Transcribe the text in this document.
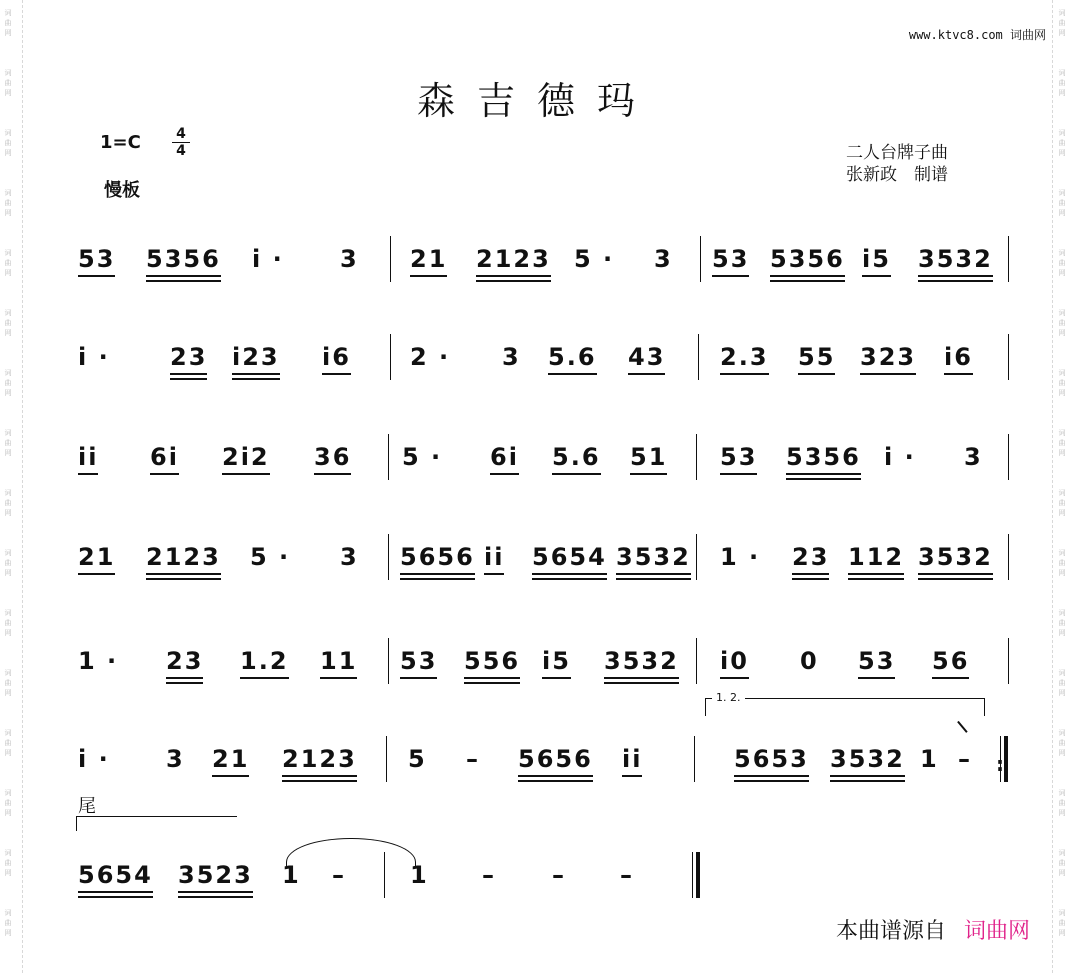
词
曲
网
词
曲
网
词
曲
网
词
曲
网
词
曲
网
词
曲
网
词
曲
网
词
曲
网
词
曲
网
词
曲
网
词
曲
网
词
曲
网
词
曲
网
词
曲
网
词
曲
网
词
曲
网
词
曲
网
词
曲
网
词
曲
网
词
曲
网
词
曲
网
词
曲
网
词
曲
网
词
曲
网
词
曲
网
词
曲
网
词
曲
网
词
曲
网
词
曲
网
词
曲
网
词
曲
网
词
曲
网
www.ktvc8.com 词曲网
森吉德玛
1=C	4
4
慢板
二人台牌子曲
张新政　制谱
53 5356 i · 3 21 2123 5 · 3 53 5356 i5 3532
i ·	23 i23 i6 2 · 3 5.6 43 2.3 55 323 i6
ii 6i 2i2 36 5 · 6i 5.6 51 53 5356 i · 3
21 2123 5 · 3 5656 ii 5654 3532 1 · 23 112 3532
1 · 23 1.2 11 53 556 i5 3532 i0 0 53 56
i · 3 21 2123 5 – 5656 ii	5653 3532 1 –
5654 3523 1 –	1 – – –
1. 2.
:
尾
本曲谱源自 词曲网
